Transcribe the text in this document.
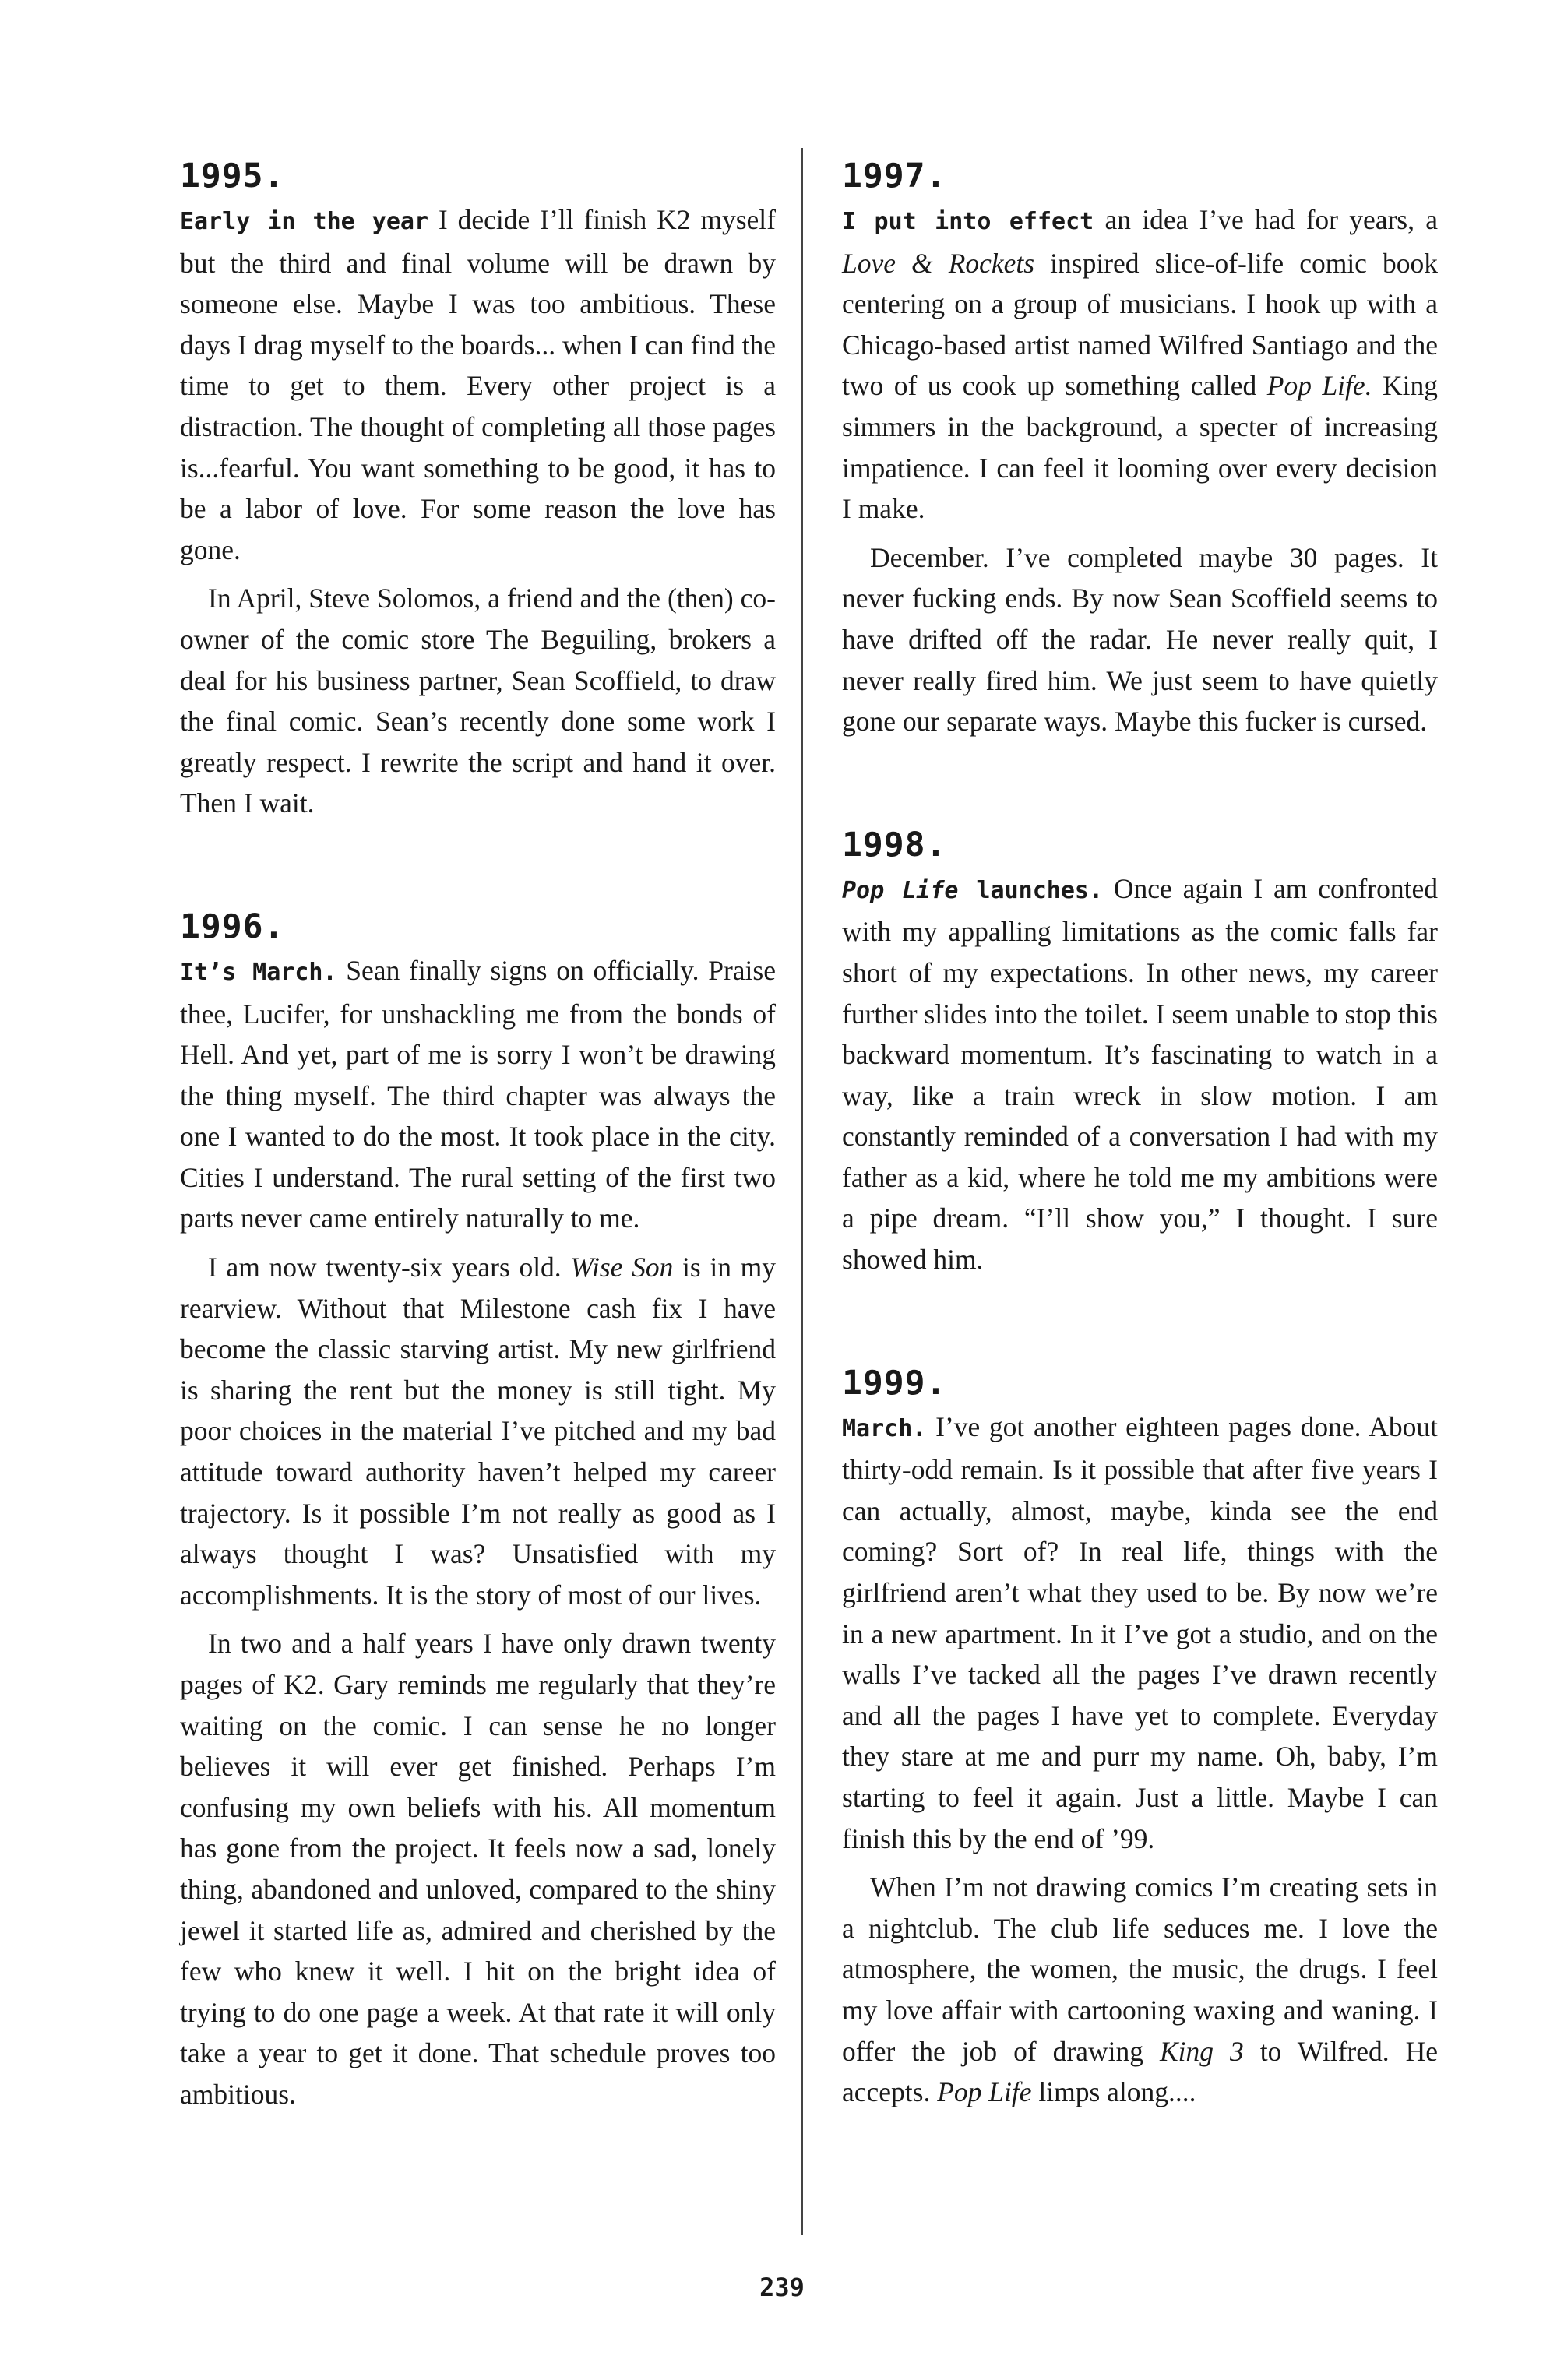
1995.

Early in the year I decide I’ll finish K2 myself but the third and final volume will be drawn by someone else. Maybe I was too ambitious. These days I drag myself to the boards... when I can find the time to get to them. Every other project is a distraction. The thought of completing all those pages is...fearful. You want something to be good, it has to be a labor of love. For some reason the love has gone.

In April, Steve Solomos, a friend and the (then) co-owner of the comic store The Beguiling, brokers a deal for his business partner, Sean Scoffield, to draw the final comic. Sean’s recently done some work I greatly respect. I rewrite the script and hand it over. Then I wait.

1996.

It’s March. Sean finally signs on officially. Praise thee, Lucifer, for unshackling me from the bonds of Hell. And yet, part of me is sorry I won’t be drawing the thing myself. The third chapter was always the one I wanted to do the most. It took place in the city. Cities I understand. The rural setting of the first two parts never came entirely naturally to me.

I am now twenty-six years old. Wise Son is in my rearview. Without that Milestone cash fix I have become the classic starving artist. My new girlfriend is sharing the rent but the money is still tight. My poor choices in the material I’ve pitched and my bad attitude toward authority haven’t helped my career trajectory. Is it possible I’m not really as good as I always thought I was? Unsatisfied with my accomplishments. It is the story of most of our lives.

In two and a half years I have only drawn twenty pages of K2. Gary reminds me regularly that they’re waiting on the comic. I can sense he no longer believes it will ever get finished. Perhaps I’m confusing my own beliefs with his. All momentum has gone from the project. It feels now a sad, lonely thing, abandoned and unloved, compared to the shiny jewel it started life as, admired and cherished by the few who knew it well. I hit on the bright idea of trying to do one page a week. At that rate it will only take a year to get it done. That schedule proves too ambitious.

1997.

I put into effect an idea I’ve had for years, a Love & Rockets inspired slice-of-life comic book centering on a group of musicians. I hook up with a Chicago-based artist named Wilfred Santiago and the two of us cook up something called Pop Life. King simmers in the background, a specter of increasing impatience. I can feel it looming over every decision I make.

December. I’ve completed maybe 30 pages. It never fucking ends. By now Sean Scoffield seems to have drifted off the radar. He never really quit, I never really fired him. We just seem to have quietly gone our separate ways. Maybe this fucker is cursed.

1998.

Pop Life launches. Once again I am confronted with my appalling limitations as the comic falls far short of my expectations. In other news, my career further slides into the toilet. I seem unable to stop this backward momentum. It’s fascinating to watch in a way, like a train wreck in slow motion. I am constantly reminded of a conversation I had with my father as a kid, where he told me my ambitions were a pipe dream. “I’ll show you,” I thought. I sure showed him.

1999.

March. I’ve got another eighteen pages done. About thirty-odd remain. Is it possible that after five years I can actually, almost, maybe, kinda see the end coming? Sort of? In real life, things with the girlfriend aren’t what they used to be. By now we’re in a new apartment. In it I’ve got a studio, and on the walls I’ve tacked all the pages I’ve drawn recently and all the pages I have yet to complete. Everyday they stare at me and purr my name. Oh, baby, I’m starting to feel it again. Just a little. Maybe I can finish this by the end of ’99.

When I’m not drawing comics I’m creating sets in a nightclub. The club life seduces me. I love the atmosphere, the women, the music, the drugs. I feel my love affair with cartooning waxing and waning. I offer the job of drawing King 3 to Wilfred. He accepts. Pop Life limps along....

239
